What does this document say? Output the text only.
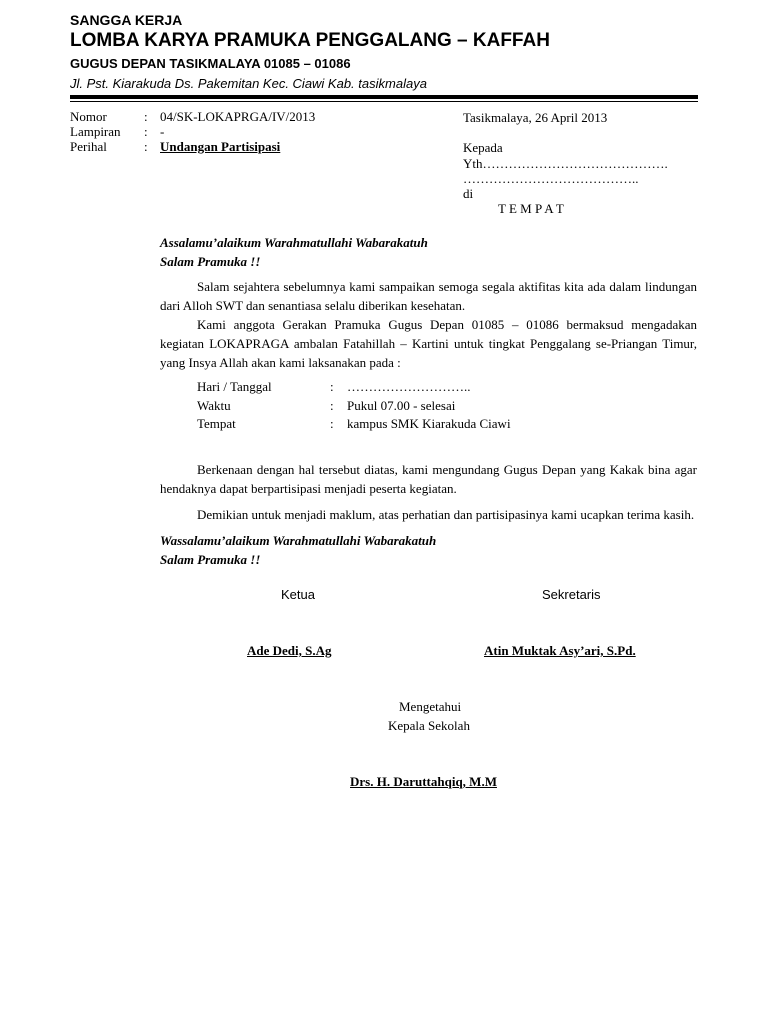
SANGGA KERJA
LOMBA KARYA PRAMUKA PENGGALANG – KAFFAH
GUGUS DEPAN TASIKMALAYA 01085 – 01086
Jl. Pst. Kiarakuda Ds. Pakemitan Kec. Ciawi Kab. tasikmalaya
Nomor	: 04/SK-LOKAPRGA/IV/2013
Lampiran : -
Perihal	: Undangan Partisipasi
Tasikmalaya, 26 April 2013
Kepada
Yth…………………………………….
…………………………………..
di
T E M P A T
Assalamu’alaikum Warahmatullahi Wabarakatuh
Salam Pramuka !!

Salam sejahtera sebelumnya kami sampaikan semoga segala aktifitas kita ada dalam lindungan dari Alloh SWT dan senantiasa selalu diberikan kesehatan.

Kami anggota Gerakan Pramuka Gugus Depan 01085 – 01086 bermaksud mengadakan kegiatan LOKAPRAGA ambalan Fatahillah – Kartini untuk tingkat Penggalang se-Priangan Timur, yang Insya Allah akan kami laksanakan pada :

Hari / Tanggal	: ………………………..
Waktu	: Pukul 07.00 - selesai
Tempat	: kampus SMK Kiarakuda Ciawi

Berkenaan dengan hal tersebut diatas, kami mengundang Gugus Depan yang Kakak bina agar hendaknya dapat berpartisipasi menjadi peserta kegiatan.

Demikian untuk menjadi maklum, atas perhatian dan partisipasinya kami ucapkan terima kasih.

Wassalamu’alaikum Warahmatullahi Wabarakatuh
Salam Pramuka !!
Ketua	Sekretaris
Ade Dedi, S.Ag	Atin Muktak Asy’ari, S.Pd.
Mengetahui
Kepala Sekolah
Drs. H. Daruttahqiq, M.M
